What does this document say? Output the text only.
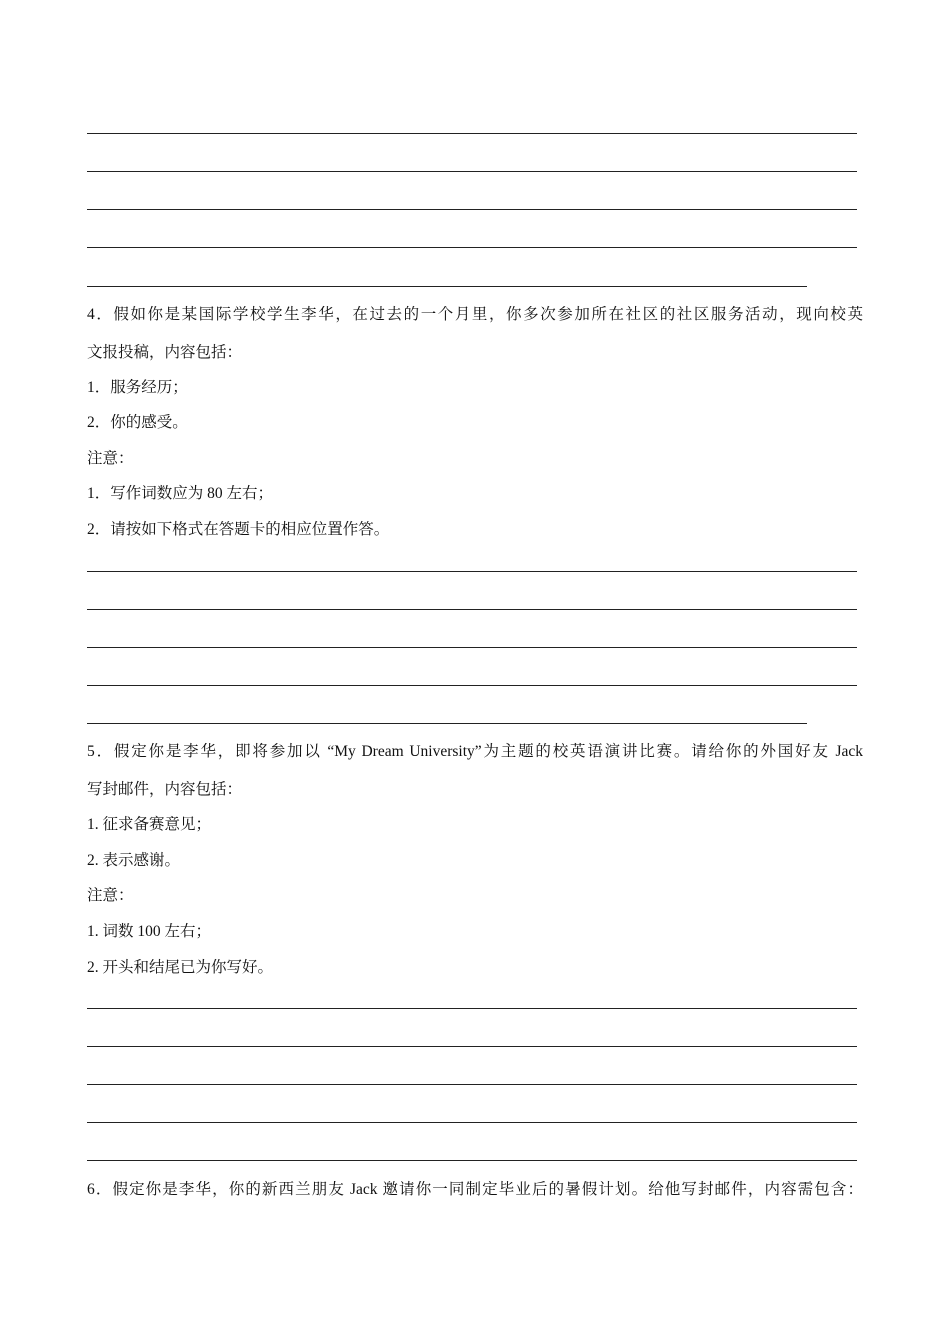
4．假如你是某国际学校学生李华，在过去的一个月里，你多次参加所在社区的社区服务活动，现向校英
文报投稿，内容包括：
1．服务经历；
2．你的感受。
注意：
1．写作词数应为 80 左右；
2．请按如下格式在答题卡的相应位置作答。
5．假定你是李华，即将参加以 “My Dream University”为主题的校英语演讲比赛。请给你的外国好友 Jack
写封邮件，内容包括：
1. 征求备赛意见；
2. 表示感谢。
注意：
1. 词数 100 左右；
2. 开头和结尾已为你写好。
6．假定你是李华，你的新西兰朋友 Jack 邀请你一同制定毕业后的暑假计划。给他写封邮件，内容需包含：
